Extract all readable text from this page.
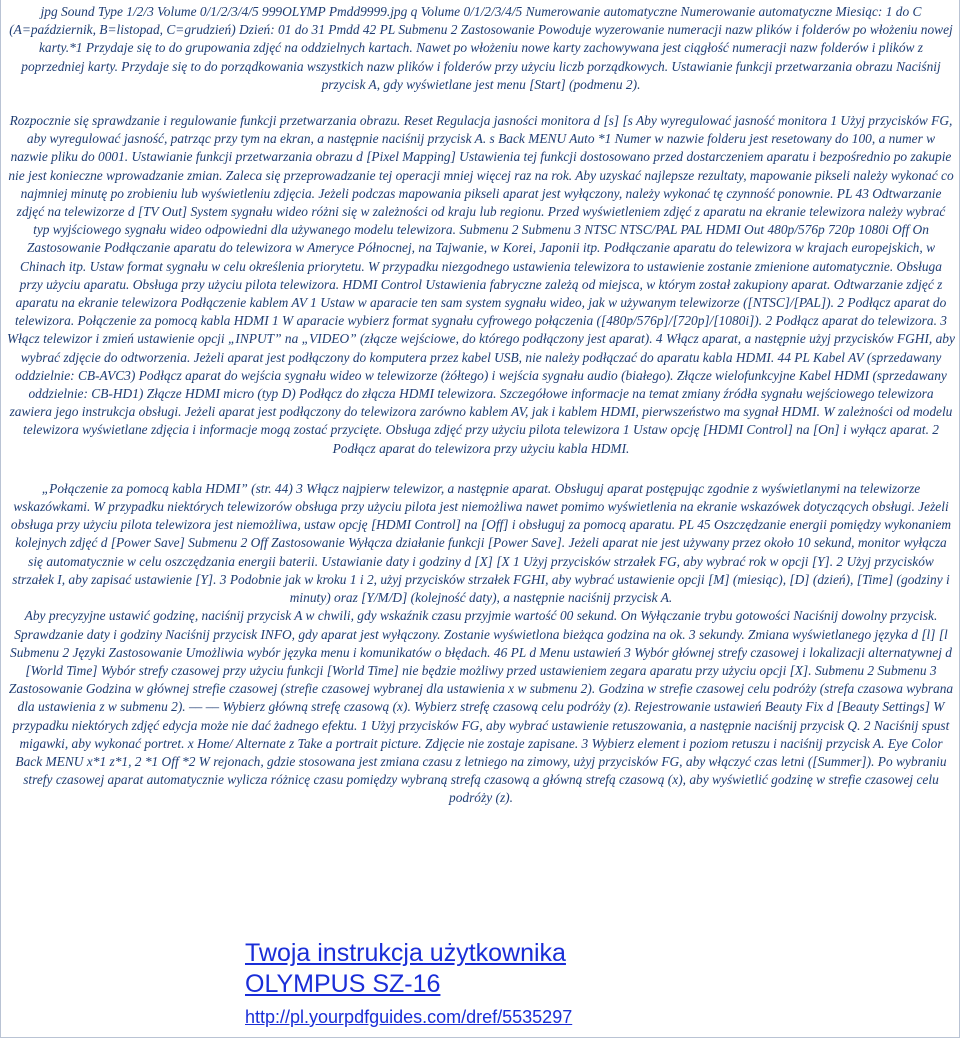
jpg Sound Type 1/2/3 Volume 0/1/2/3/4/5 999OLYMP Pmdd9999.jpg q Volume 0/1/2/3/4/5 Numerowanie automatyczne Numerowanie automatyczne Miesiąc: 1 do C (A=październik, B=listopad, C=grudzień) Dzień: 01 do 31 Pmdd 42 PL Submenu 2 Zastosowanie Powoduje wyzerowanie numeracji nazw plików i folderów po włożeniu nowej karty.*1 Przydaje się to do grupowania zdjęć na oddzielnych kartach. Nawet po włożeniu nowe karty zachowywana jest ciągłość numeracji nazw folderów i plików z poprzedniej karty. Przydaje się to do porządkowania wszystkich nazw plików i folderów przy użyciu liczb porządkowych. Ustawianie funkcji przetwarzania obrazu Naciśnij przycisk A, gdy wyświetlane jest menu [Start] (podmenu 2).

Rozpocznie się sprawdzanie i regulowanie funkcji przetwarzania obrazu. Reset Regulacja jasności monitora d [s] [s Aby wyregulować jasność monitora 1 Użyj przycisków FG, aby wyregulować jasność, patrząc przy tym na ekran, a następnie naciśnij przycisk A. s Back MENU Auto *1 Numer w nazwie folderu jest resetowany do 100, a numer w nazwie pliku do 0001. Ustawianie funkcji przetwarzania obrazu d [Pixel Mapping] Ustawienia tej funkcji dostosowano przed dostarczeniem aparatu i bezpośrednio po zakupie nie jest konieczne wprowadzanie zmian. Zaleca się przeprowadzanie tej operacji mniej więcej raz na rok. Aby uzyskać najlepsze rezultaty, mapowanie pikseli należy wykonać co najmniej minutę po zrobieniu lub wyświetleniu zdjęcia. Jeżeli podczas mapowania pikseli aparat jest wyłączony, należy wykonać tę czynność ponownie. PL 43 Odtwarzanie zdjęć na telewizorze d [TV Out] System sygnału wideo różni się w zależności od kraju lub regionu. Przed wyświetleniem zdjęć z aparatu na ekranie telewizora należy wybrać typ wyjściowego sygnału wideo odpowiedni dla używanego modelu telewizora. Submenu 2 Submenu 3 NTSC NTSC/PAL PAL HDMI Out 480p/576p 720p 1080i Off On Zastosowanie Podłączanie aparatu do telewizora w Ameryce Północnej, na Tajwanie, w Korei, Japonii itp. Podłączanie aparatu do telewizora w krajach europejskich, w Chinach itp. Ustaw format sygnału w celu określenia priorytetu. W przypadku niezgodnego ustawienia telewizora to ustawienie zostanie zmienione automatycznie. Obsługa przy użyciu aparatu. Obsługa przy użyciu pilota telewizora. HDMI Control Ustawienia fabryczne zależą od miejsca, w którym został zakupiony aparat. Odtwarzanie zdjęć z aparatu na ekranie telewizora Podłączenie kablem AV 1 Ustaw w aparacie ten sam system sygnału wideo, jak w używanym telewizorze ([NTSC]/[PAL]). 2 Podłącz aparat do telewizora. Połączenie za pomocą kabla HDMI 1 W aparacie wybierz format sygnału cyfrowego połączenia ([480p/576p]/[720p]/[1080i]). 2 Podłącz aparat do telewizora. 3 Włącz telewizor i zmień ustawienie opcji „INPUT” na „VIDEO” (złącze wejściowe, do którego podłączony jest aparat). 4 Włącz aparat, a następnie użyj przycisków FGHI, aby wybrać zdjęcie do odtworzenia. Jeżeli aparat jest podłączony do komputera przez kabel USB, nie należy podłączać do aparatu kabla HDMI. 44 PL Kabel AV (sprzedawany oddzielnie: CB-AVC3) Podłącz aparat do wejścia sygnału wideo w telewizorze (żółtego) i wejścia sygnału audio (białego). Złącze wielofunkcyjne Kabel HDMI (sprzedawany oddzielnie: CB-HD1) Złącze HDMI micro (typ D) Podłącz do złącza HDMI telewizora. Szczegółowe informacje na temat zmiany źródła sygnału wejściowego telewizora zawiera jego instrukcja obsługi. Jeżeli aparat jest podłączony do telewizora zarówno kablem AV, jak i kablem HDMI, pierwszeństwo ma sygnał HDMI. W zależności od modelu telewizora wyświetlane zdjęcia i informacje mogą zostać przycięte. Obsługa zdjęć przy użyciu pilota telewizora 1 Ustaw opcję [HDMI Control] na [On] i wyłącz aparat. 2 Podłącz aparat do telewizora przy użyciu kabla HDMI.

„Połączenie za pomocą kabla HDMI” (str. 44) 3 Włącz najpierw telewizor, a następnie aparat. Obsługuj aparat postępując zgodnie z wyświetlanymi na telewizorze wskazówkami. W przypadku niektórych telewizorów obsługa przy użyciu pilota jest niemożliwa nawet pomimo wyświetlenia na ekranie wskazówek dotyczących obsługi. Jeżeli obsługa przy użyciu pilota telewizora jest niemożliwa, ustaw opcję [HDMI Control] na [Off] i obsługuj za pomocą aparatu. PL 45 Oszczędzanie energii pomiędzy wykonaniem kolejnych zdjęć d [Power Save] Submenu 2 Off Zastosowanie Wyłącza działanie funkcji [Power Save]. Jeżeli aparat nie jest używany przez około 10 sekund, monitor wyłącza się automatycznie w celu oszczędzania energii baterii. Ustawianie daty i godziny d [X] [X 1 Użyj przycisków strzałek FG, aby wybrać rok w opcji [Y]. 2 Użyj przycisków strzałek I, aby zapisać ustawienie [Y]. 3 Podobnie jak w kroku 1 i 2, użyj przycisków strzałek FGHI, aby wybrać ustawienie opcji [M] (miesiąc), [D] (dzień), [Time] (godziny i minuty) oraz [Y/M/D] (kolejność daty), a następnie naciśnij przycisk A.

Aby precyzyjne ustawić godzinę, naciśnij przycisk A w chwili, gdy wskaźnik czasu przyjmie wartość 00 sekund. On Wyłączanie trybu gotowości Naciśnij dowolny przycisk. Sprawdzanie daty i godziny Naciśnij przycisk INFO, gdy aparat jest wyłączony. Zostanie wyświetlona bieżąca godzina na ok. 3 sekundy. Zmiana wyświetlanego języka d [l] [l Submenu 2 Języki Zastosowanie Umożliwia wybór języka menu i komunikatów o błędach. 46 PL d Menu ustawień 3 Wybór głównej strefy czasowej i lokalizacji alternatywnej d [World Time] Wybór strefy czasowej przy użyciu funkcji [World Time] nie będzie możliwy przed ustawieniem zegara aparatu przy użyciu opcji [X]. Submenu 2 Submenu 3 Zastosowanie Godzina w głównej strefie czasowej (strefie czasowej wybranej dla ustawienia x w submenu 2). Godzina w strefie czasowej celu podróży (strefa czasowa wybrana dla ustawienia z w submenu 2). –– –– Wybierz główną strefę czasową (x). Wybierz strefę czasową celu podróży (z). Rejestrowanie ustawień Beauty Fix d [Beauty Settings] W przypadku niektórych zdjęć edycja może nie dać żadnego efektu. 1 Użyj przycisków FG, aby wybrać ustawienie retuszowania, a następnie naciśnij przycisk Q. 2 Naciśnij spust migawki, aby wykonać portret. x Home/ Alternate z Take a portrait picture. Zdjęcie nie zostaje zapisane. 3 Wybierz element i poziom retuszu i naciśnij przycisk A. Eye Color Back MENU x*1 z*1, 2 *1 Off *2 W rejonach, gdzie stosowana jest zmiana czasu z letniego na zimowy, użyj przycisków FG, aby włączyć czas letni ([Summer]). Po wybraniu strefy czasowej aparat automatycznie wylicza różnicę czasu pomiędzy wybraną strefą czasową a główną strefą czasową (x), aby wyświetlić godzinę w strefie czasowej celu podróży (z).

Twoja instrukcja użytkownika
OLYMPUS SZ-16
http://pl.yourpdfguides.com/dref/5535297
